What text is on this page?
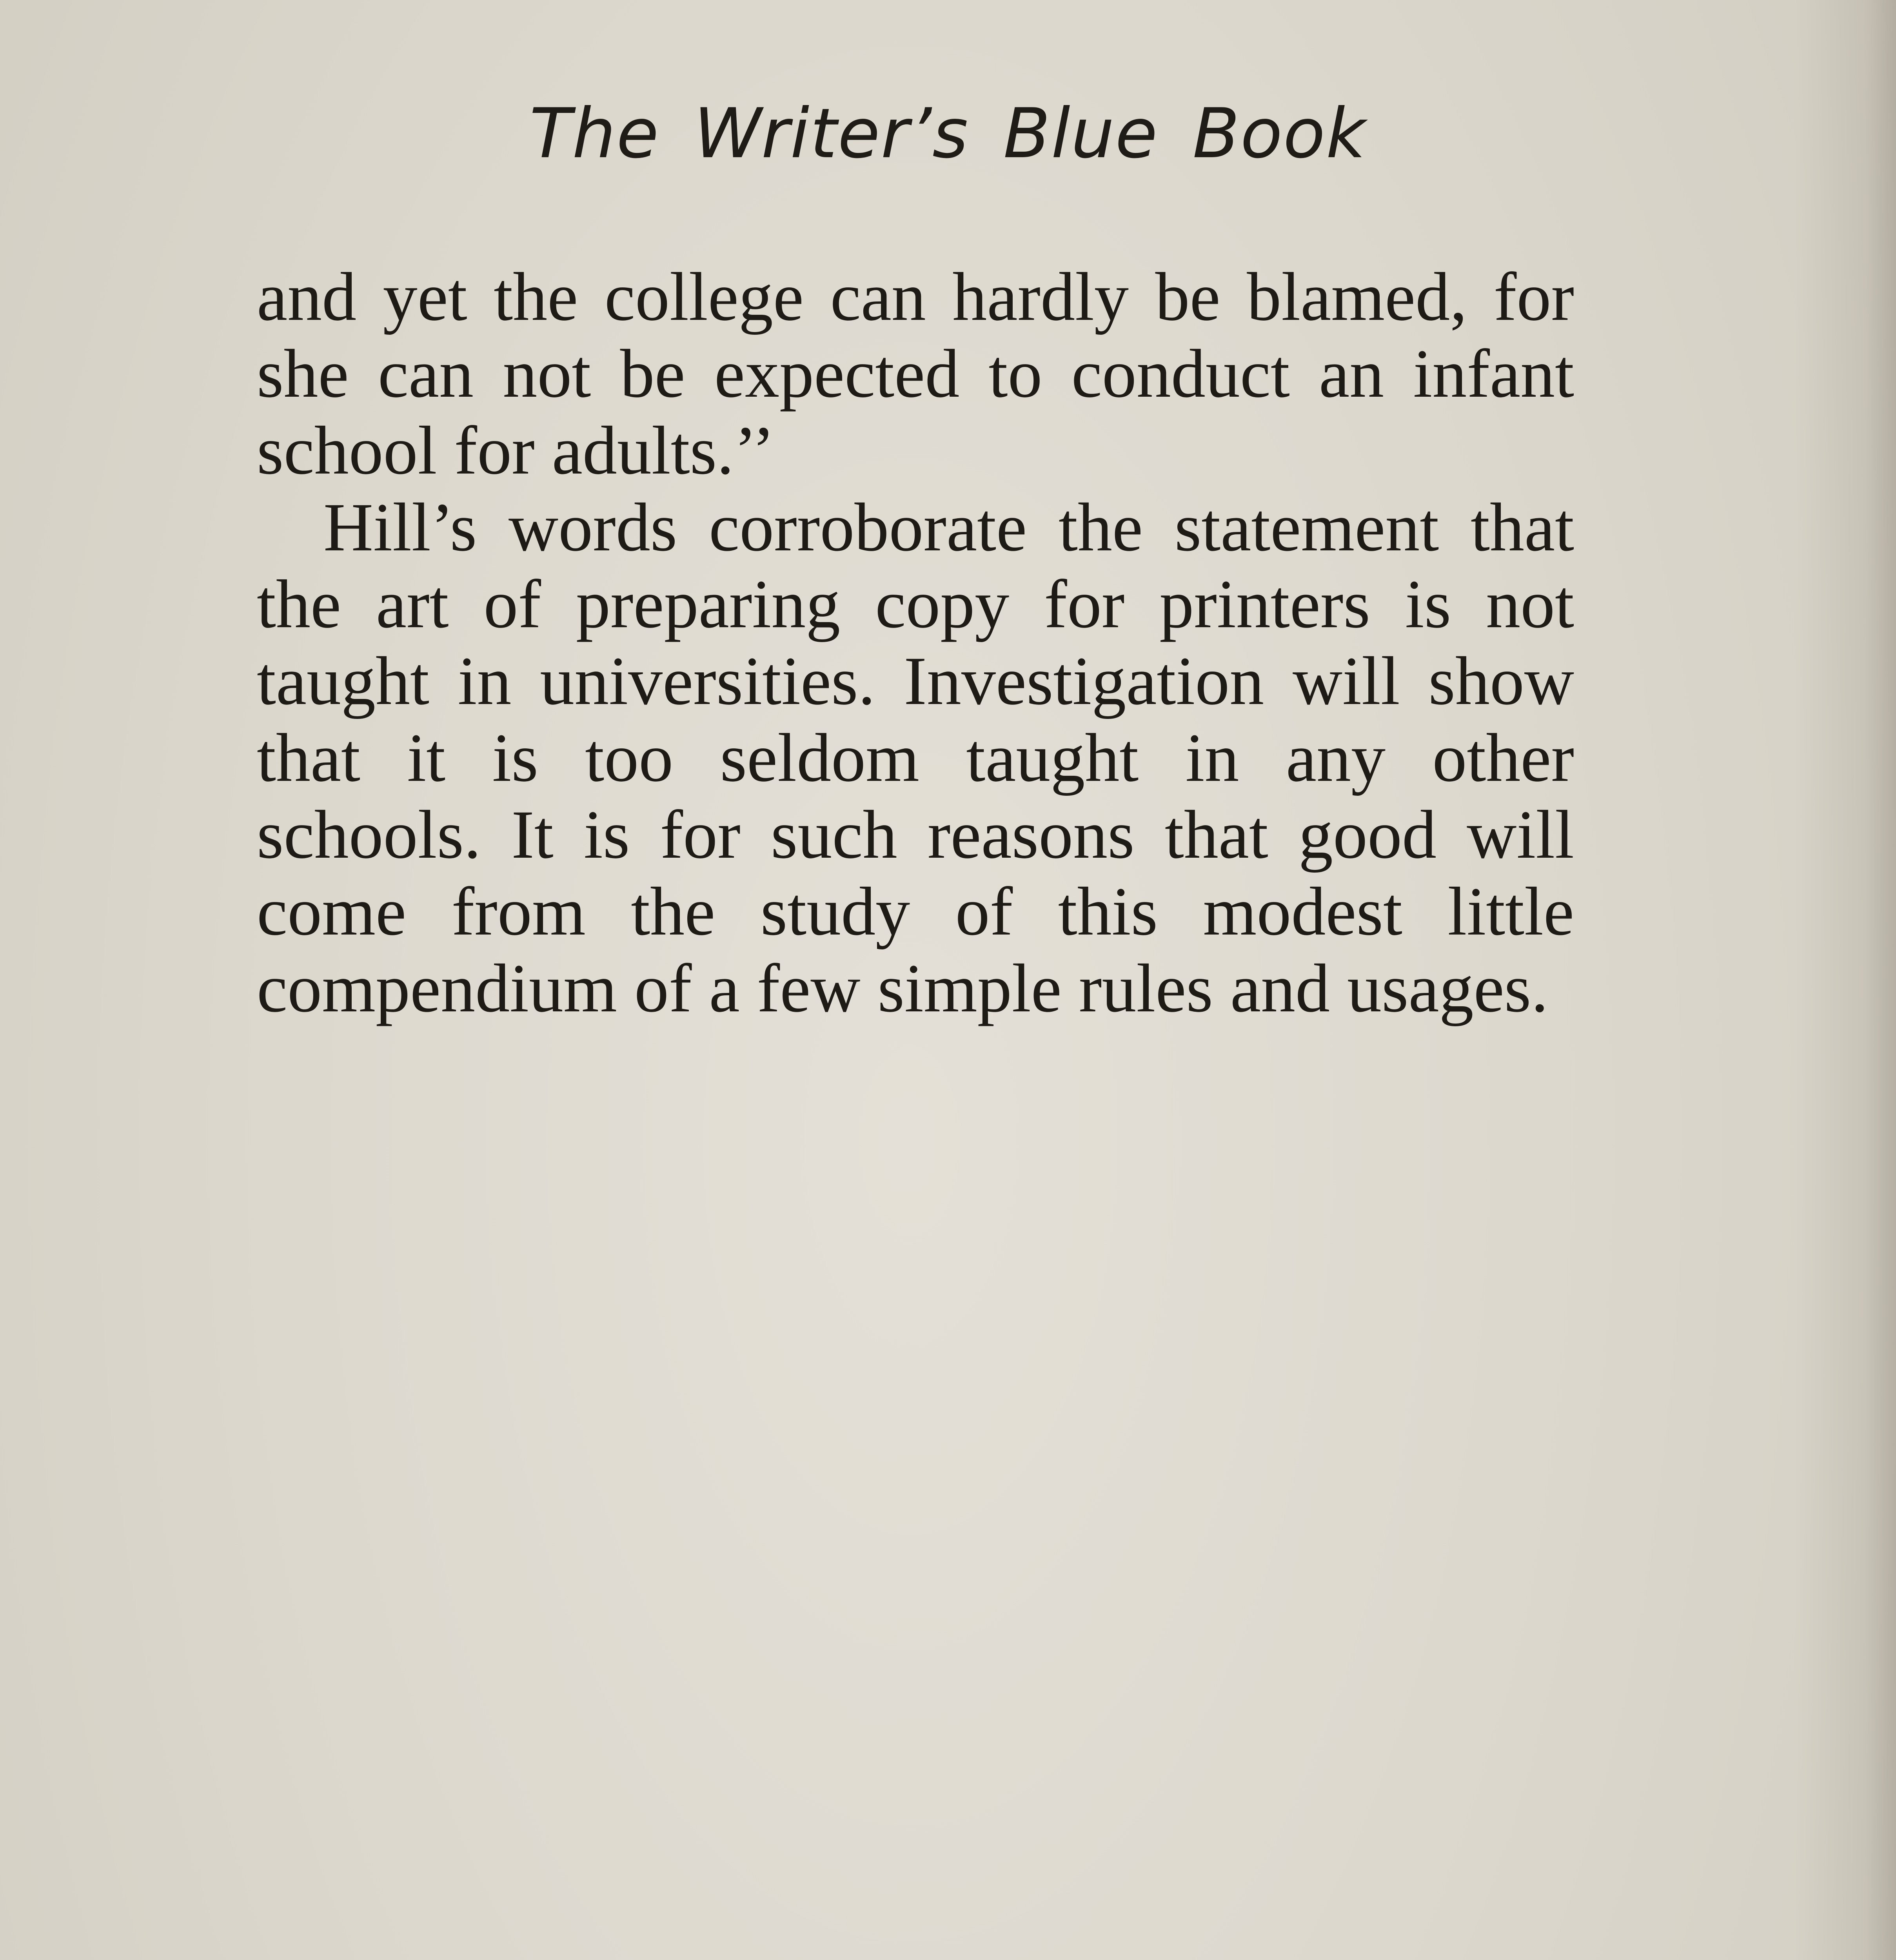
The Writer’s Blue Book

and yet the college can hardly be blamed, for she can not be expected to conduct an infant school for adults.’’

Hill’s words corroborate the statement that the art of preparing copy for printers is not taught in universities. Investigation will show that it is too seldom taught in any other schools. It is for such reasons that good will come from the study of this modest little compendium of a few simple rules and usages.
